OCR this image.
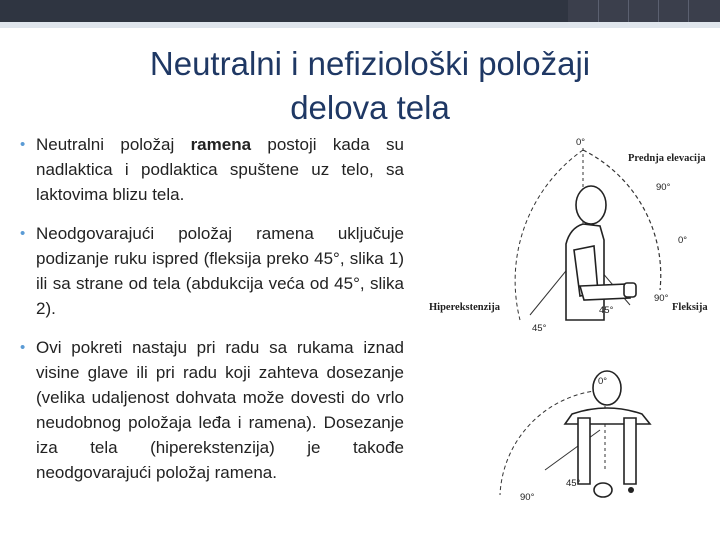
Neutralni i nefiziološki položaji
delova tela
• Neutralni položaj ramena postoji kada su nadlaktica i podlaktica spuštene uz telo, sa laktovima blizu tela.
• Neodgovarajući položaj ramena uključuje podizanje ruku ispred (fleksija preko 45°, slika 1) ili sa strane od tela (abdukcija veća od 45°, slika 2).
• Ovi pokreti nastaju pri radu sa rukama iznad visine glave ili pri radu koji zahteva dosezanje (velika udaljenost dohvata može dovesti do vrlo neudobnog položaja leđa i ramena). Dosezanje iza tela (hiperekstenzija) je takođe neodgovarajući položaj ramena.
0°
Prednja elevacija
90°
0°
90°
45°
45°
Hiperekstenzija	Fleksija
0°
45°
90°
